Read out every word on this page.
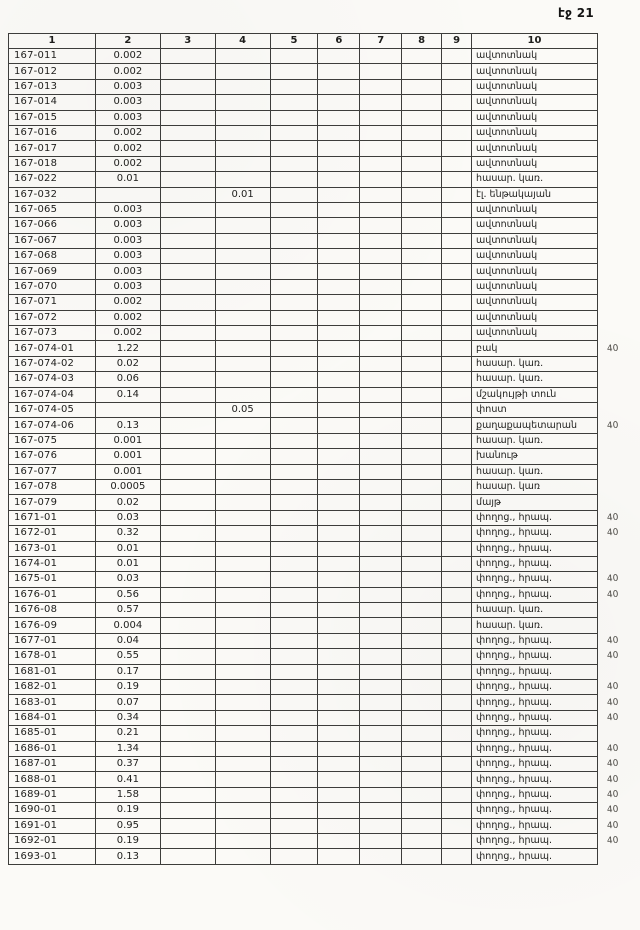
էջ 21
1	2	3	4	5	6	7	8	9	10	
167-011	0.002								ավտոտնակ	
167-012	0.002								ավտոտնակ	
167-013	0.003								ավտոտնակ	
167-014	0.003								ավտոտնակ	
167-015	0.003								ավտոտնակ	
167-016	0.002								ավտոտնակ	
167-017	0.002								ավտոտնակ	
167-018	0.002								ավտոտնակ	
167-022	0.01								հասար. կառ.	
167-032			0.01						էլ. ենթակայան	
167-065	0.003								ավտոտնակ	
167-066	0.003								ավտոտնակ	
167-067	0.003								ավտոտնակ	
167-068	0.003								ավտոտնակ	
167-069	0.003								ավտոտնակ	
167-070	0.003								ավտոտնակ	
167-071	0.002								ավտոտնակ	
167-072	0.002								ավտոտնակ	
167-073	0.002								ավտոտնակ	
167-074-01	1.22								բակ	40
167-074-02	0.02								հասար. կառ.	
167-074-03	0.06								հասար. կառ.	
167-074-04	0.14								մշակույթի տուն	
167-074-05			0.05						փոստ	
167-074-06	0.13								քաղաքապետարան	40
167-075	0.001								հասար. կառ.	
167-076	0.001								խանութ	
167-077	0.001								հասար. կառ.	
167-078	0.0005								հասար. կառ	
167-079	0.02								մայթ	
1671-01	0.03								փողոց., հրապ.	40
1672-01	0.32								փողոց., հրապ.	40
1673-01	0.01								փողոց., հրապ.	
1674-01	0.01								փողոց., հրապ.	
1675-01	0.03								փողոց., հրապ.	40
1676-01	0.56								փողոց., հրապ.	40
1676-08	0.57								հասար. կառ.	
1676-09	0.004								հասար. կառ.	
1677-01	0.04								փողոց., հրապ.	40
1678-01	0.55								փողոց., հրապ.	40
1681-01	0.17								փողոց., հրապ.	
1682-01	0.19								փողոց., հրապ.	40
1683-01	0.07								փողոց., հրապ.	40
1684-01	0.34								փողոց., հրապ.	40
1685-01	0.21								փողոց., հրապ.	
1686-01	1.34								փողոց., հրապ.	40
1687-01	0.37								փողոց., հրապ.	40
1688-01	0.41								փողոց., հրապ.	40
1689-01	1.58								փողոց., հրապ.	40
1690-01	0.19								փողոց., հրապ.	40
1691-01	0.95								փողոց., հրապ.	40
1692-01	0.19								փողոց., հրապ.	40
1693-01	0.13								փողոց., հրապ.	
